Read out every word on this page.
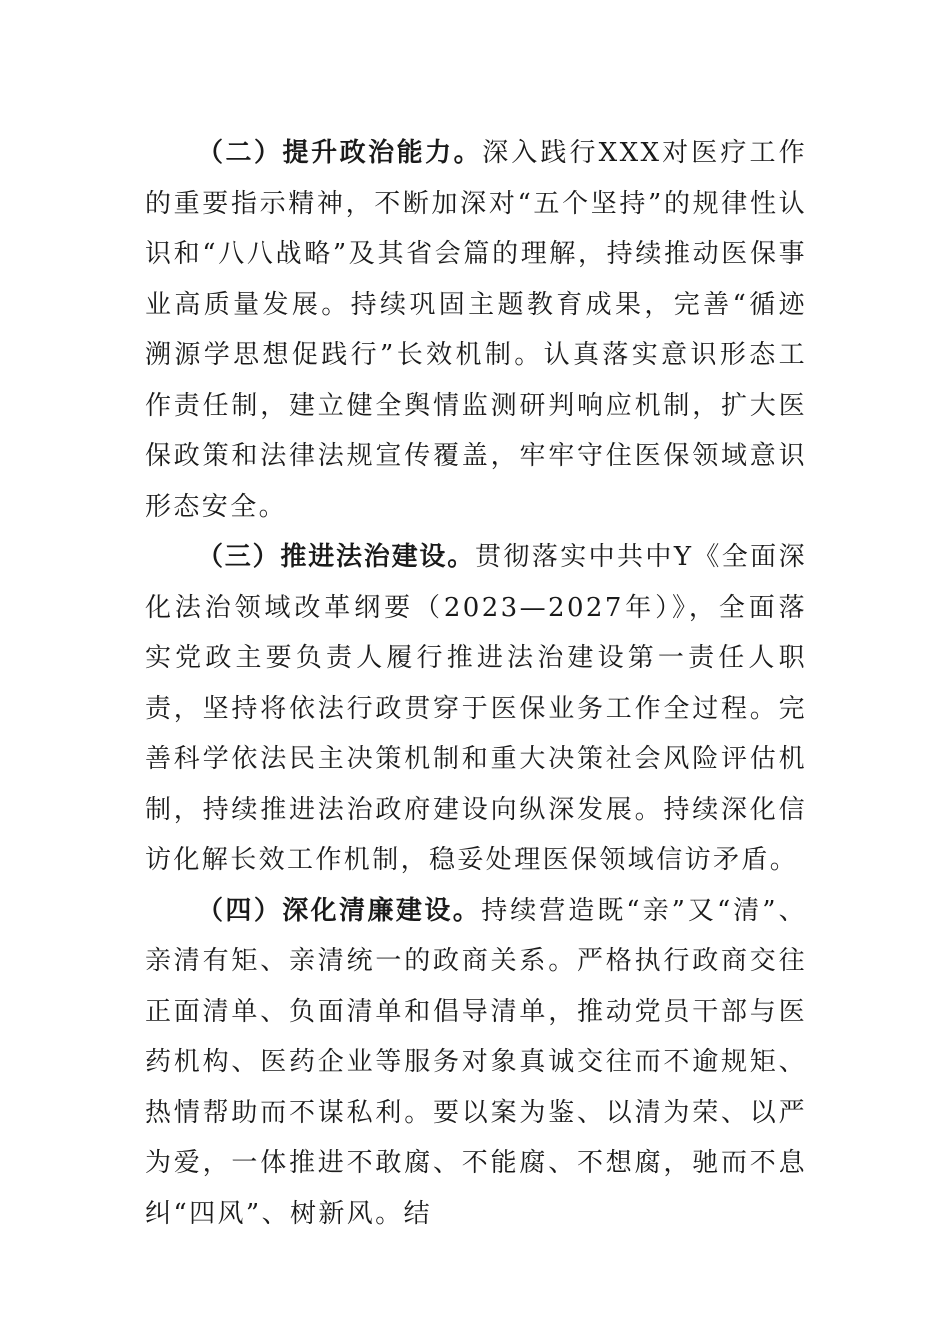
（二）提升政治能力。深入践行XXX对医疗工作的重要指示精神，不断加深对“五个坚持”的规律性认识和“八八战略”及其省会篇的理解，持续推动医保事业高质量发展。持续巩固主题教育成果，完善“循迹溯源学思想促践行”长效机制。认真落实意识形态工作责任制，建立健全舆情监测研判响应机制，扩大医保政策和法律法规宣传覆盖，牢牢守住医保领域意识形态安全。

（三）推进法治建设。贯彻落实中共中Y《全面深化法治领域改革纲要（2023—2027年）》，全面落实党政主要负责人履行推进法治建设第一责任人职责，坚持将依法行政贯穿于医保业务工作全过程。完善科学依法民主决策机制和重大决策社会风险评估机制，持续推进法治政府建设向纵深发展。持续深化信访化解长效工作机制，稳妥处理医保领域信访矛盾。

（四）深化清廉建设。持续营造既“亲”又“清”、亲清有矩、亲清统一的政商关系。严格执行政商交往正面清单、负面清单和倡导清单，推动党员干部与医药机构、医药企业等服务对象真诚交往而不逾规矩、热情帮助而不谋私利。要以案为鉴、以清为荣、以严为爱，一体推进不敢腐、不能腐、不想腐，驰而不息纠“四风”、树新风。结
